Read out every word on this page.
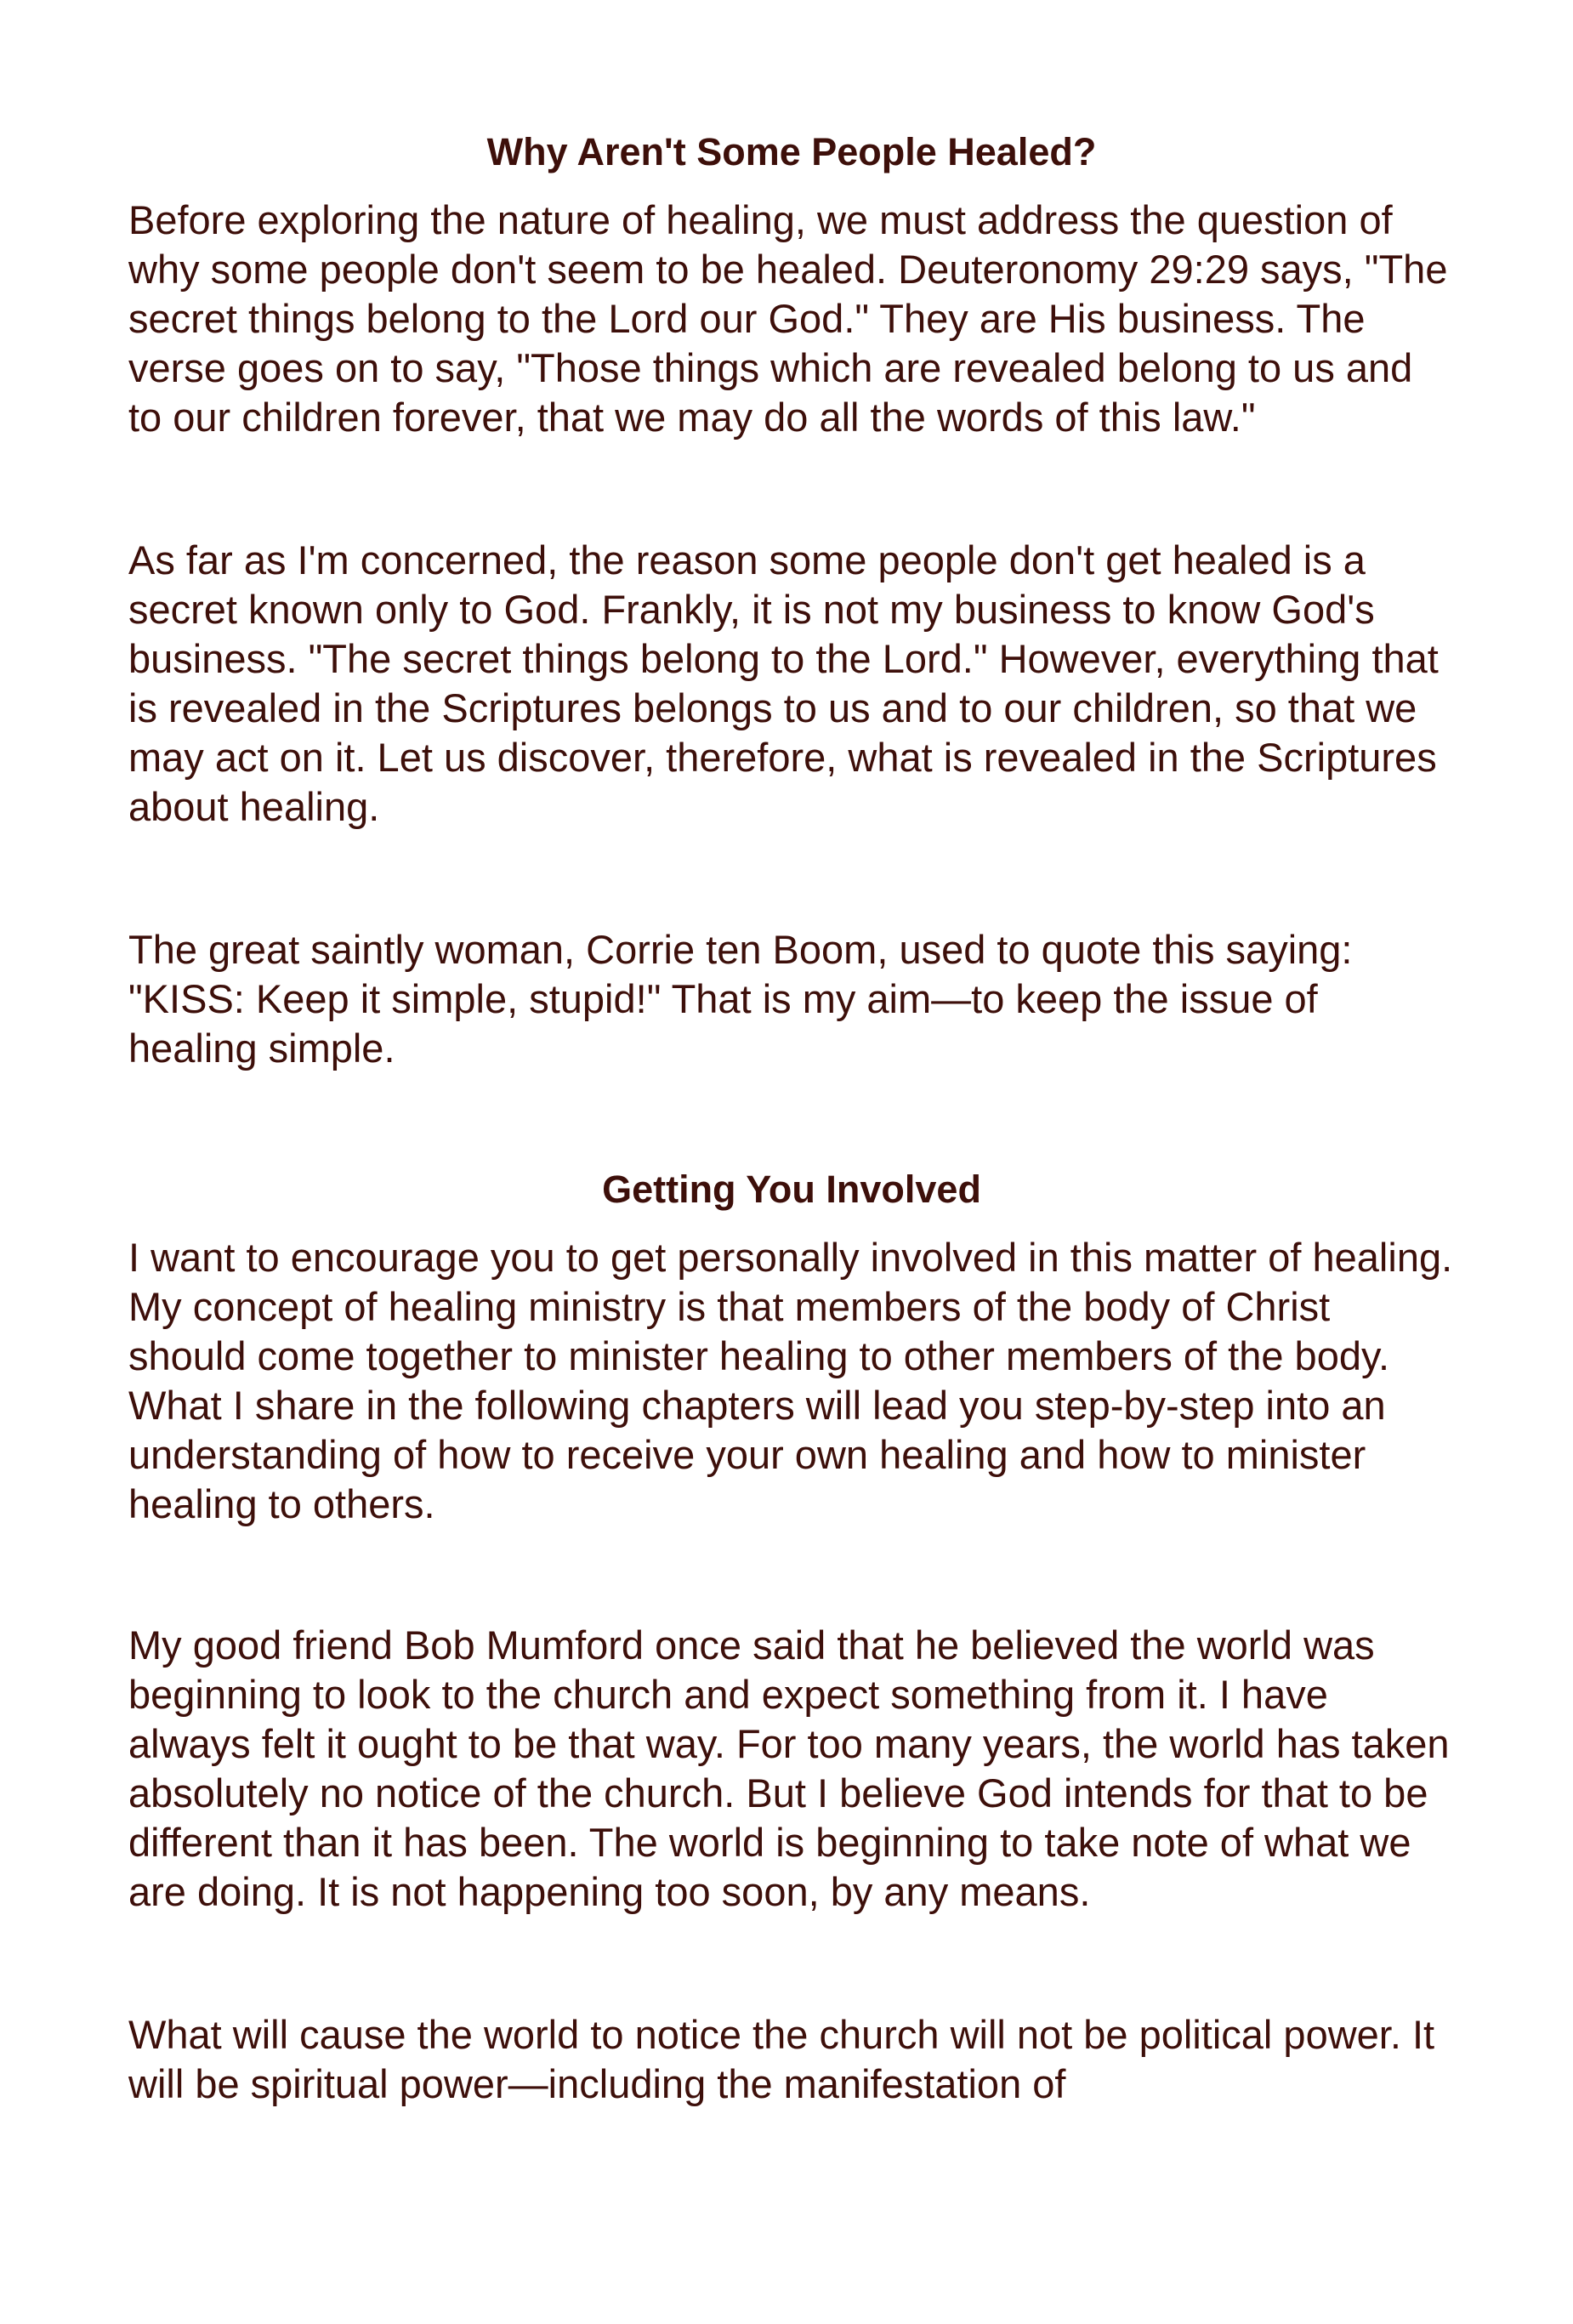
Why Aren't Some People Healed?

Before exploring the nature of healing, we must address the question of why some people don't seem to be healed. Deuteronomy 29:29 says, "The secret things belong to the Lord our God." They are His business. The verse goes on to say, "Those things which are revealed belong to us and to our children forever, that we may do all the words of this law."

As far as I'm concerned, the reason some people don't get healed is a secret known only to God. Frankly, it is not my business to know God's business. "The secret things belong to the Lord." However, everything that is revealed in the Scriptures belongs to us and to our children, so that we may act on it. Let us discover, therefore, what is revealed in the Scriptures about healing.

The great saintly woman, Corrie ten Boom, used to quote this saying: "KISS: Keep it simple, stupid!" That is my aim—to keep the issue of healing simple.

Getting You Involved

I want to encourage you to get personally involved in this matter of healing. My concept of healing ministry is that members of the body of Christ should come together to minister healing to other members of the body. What I share in the following chapters will lead you step-by-step into an understanding of how to receive your own healing and how to minister healing to others.

My good friend Bob Mumford once said that he believed the world was beginning to look to the church and expect something from it. I have always felt it ought to be that way. For too many years, the world has taken absolutely no notice of the church. But I believe God intends for that to be different than it has been. The world is beginning to take note of what we are doing. It is not happening too soon, by any means.

What will cause the world to notice the church will not be political power. It will be spiritual power—including the manifestation of
